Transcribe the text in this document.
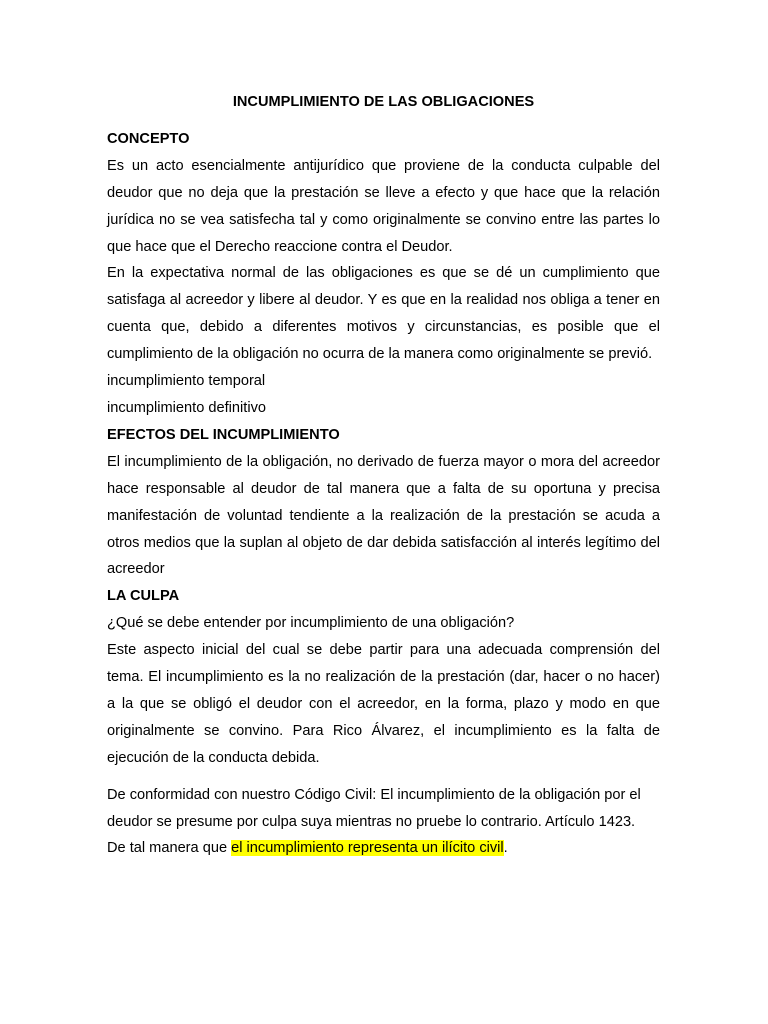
INCUMPLIMIENTO DE LAS OBLIGACIONES

CONCEPTO

Es un acto esencialmente antijurídico que proviene de la conducta culpable del deudor que no deja que la prestación se lleve a efecto y que hace que la relación jurídica no se vea satisfecha tal y como originalmente se convino entre las partes lo que hace que el Derecho reaccione contra el Deudor.

En la expectativa normal de las obligaciones es que se dé un cumplimiento que satisfaga al acreedor y libere al deudor. Y es que en la realidad nos obliga a tener en cuenta que, debido a diferentes motivos y circunstancias, es posible que el cumplimiento de la obligación no ocurra de la manera como originalmente se previó.

incumplimiento temporal

incumplimiento definitivo

EFECTOS DEL INCUMPLIMIENTO

El incumplimiento de la obligación, no derivado de fuerza mayor o mora del acreedor hace responsable al deudor de tal manera que a falta de su oportuna y precisa manifestación de voluntad tendiente a la realización de la prestación se acuda a otros medios que la suplan al objeto de dar debida satisfacción al interés legítimo del acreedor

LA CULPA

¿Qué se debe entender por incumplimiento de una obligación?

Este aspecto inicial del cual se debe partir para una adecuada comprensión del tema. El incumplimiento es la no realización de la prestación (dar, hacer o no hacer) a la que se obligó el deudor con el acreedor, en la forma, plazo y modo en que originalmente se convino. Para Rico Álvarez, el incumplimiento es la falta de ejecución de la conducta debida.

De conformidad con nuestro Código Civil: El incumplimiento de la obligación por el

deudor se presume por culpa suya mientras no pruebe lo contrario. Artículo 1423.

De tal manera que el incumplimiento representa un ilícito civil.
